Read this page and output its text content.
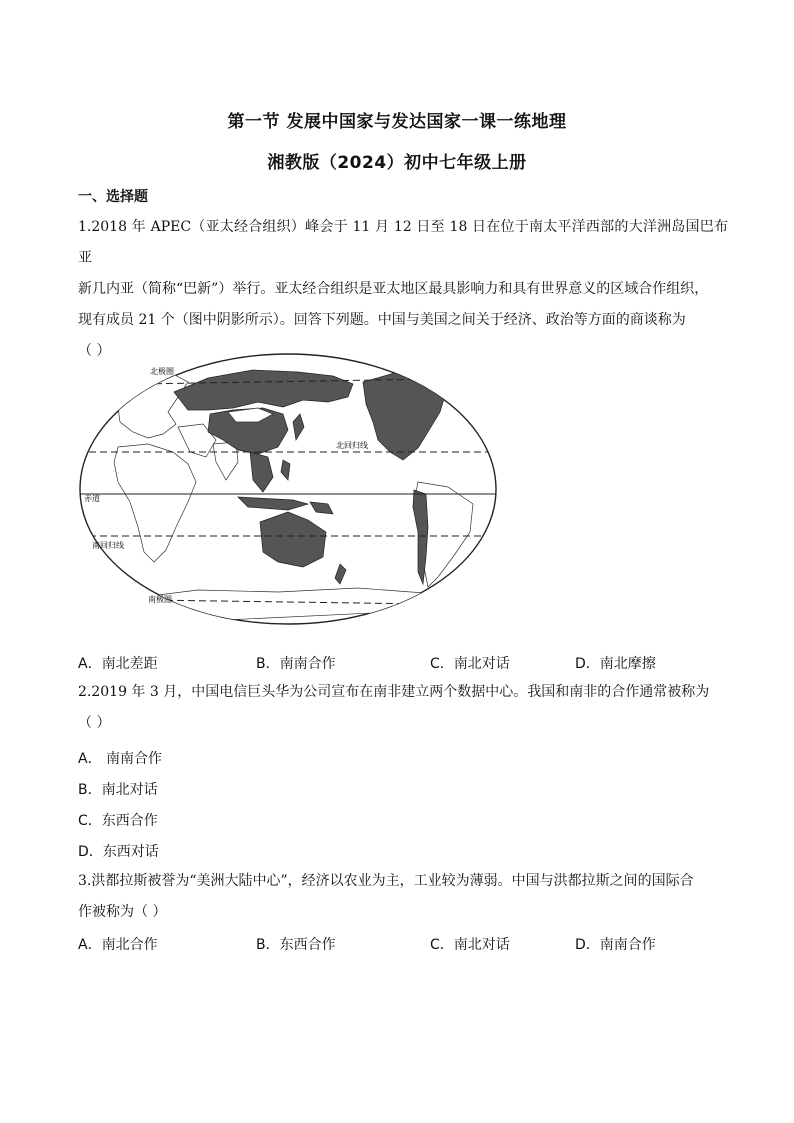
第一节 发展中国家与发达国家一课一练地理
湘教版（2024）初中七年级上册
一、选择题
1.2018 年 APEC（亚太经合组织）峰会于 11 月 12 日至 18 日在位于南太平洋西部的大洋洲岛国巴布亚
新几内亚（简称“巴新”）举行。亚太经合组织是亚太地区最具影响力和具有世界意义的区域合作组织，
现有成员 21 个（图中阴影所示）。回答下列题。中国与美国之间关于经济、政治等方面的商谈称为
（ ）
北极圈
北回归线
赤道
南回归线
南极圈
A．南北差距	B．南南合作	C．南北对话	D．南北摩擦
2.2019 年 3 月，中国电信巨头华为公司宣布在南非建立两个数据中心。我国和南非的合作通常被称为
（ ）
A． 南南合作
B．南北对话
C．东西合作
D．东西对话
3.洪都拉斯被誉为“美洲大陆中心”，经济以农业为主，工业较为薄弱。中国与洪都拉斯之间的国际合
作被称为（ ）
A．南北合作	B．东西合作	C．南北对话	D．南南合作
